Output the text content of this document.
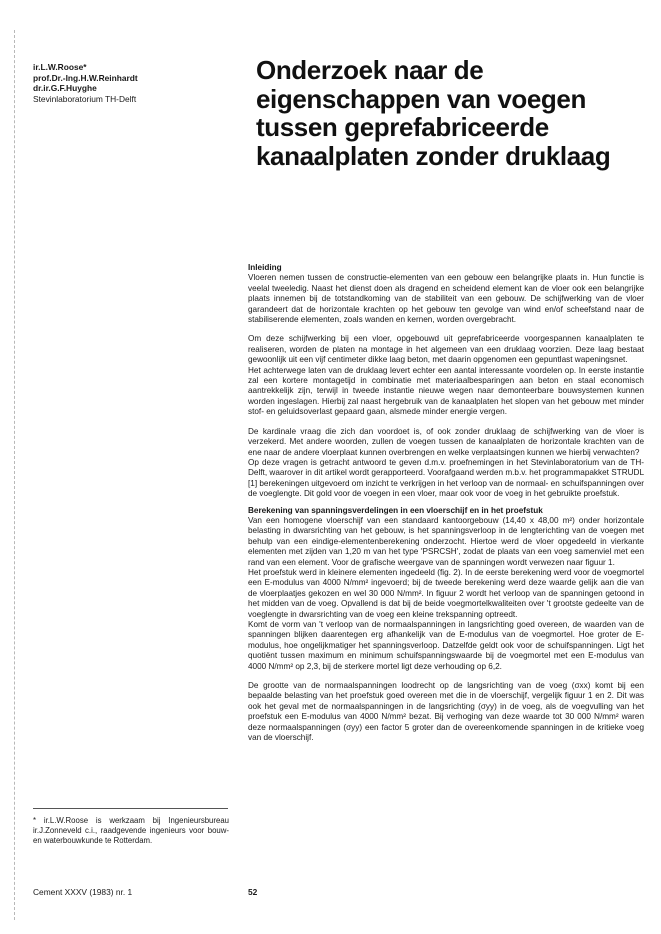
ir.L.W.Roose*
prof.Dr.-Ing.H.W.Reinhardt
dr.ir.G.F.Huyghe
Stevinlaboratorium TH-Delft
Onderzoek naar de
eigenschappen van voegen
tussen geprefabriceerde
kanaalplaten zonder druklaag
Inleiding

Vloeren nemen tussen de constructie-elementen van een gebouw een belangrijke plaats in. Hun functie is veelal tweeledig. Naast het dienst doen als dragend en scheidend element kan de vloer ook een belangrijke plaats innemen bij de totstandkoming van de stabiliteit van een gebouw. De schijfwerking van de vloer garandeert dat de horizontale krachten op het gebouw ten gevolge van wind en/of scheefstand naar de stabiliserende elementen, zoals wanden en kernen, worden overgebracht.

Om deze schijfwerking bij een vloer, opgebouwd uit geprefabriceerde voorgespannen kanaalplaten te realiseren, worden de platen na montage in het algemeen van een druklaag voorzien. Deze laag bestaat gewoonlijk uit een vijf centimeter dikke laag beton, met daarin opgenomen een gepuntlast wapeningsnet.

Het achterwege laten van de druklaag levert echter een aantal interessante voordelen op. In eerste instantie zal een kortere montagetijd in combinatie met materiaalbesparingen aan beton en staal economisch aantrekkelijk zijn, terwijl in tweede instantie nieuwe wegen naar demonteerbare bouwsystemen kunnen worden ingeslagen. Hierbij zal naast hergebruik van de kanaalplaten het slopen van het gebouw met minder stof- en geluidsoverlast gepaard gaan, alsmede minder energie vergen.

De kardinale vraag die zich dan voordoet is, of ook zonder druklaag de schijfwerking van de vloer is verzekerd. Met andere woorden, zullen de voegen tussen de kanaalplaten de horizontale krachten van de ene naar de andere vloerplaat kunnen overbrengen en welke verplaatsingen kunnen we hierbij verwachten?

Op deze vragen is getracht antwoord te geven d.m.v. proefnemingen in het Stevinlaboratorium van de TH-Delft, waarover in dit artikel wordt gerapporteerd. Voorafgaand werden m.b.v. het programmapakket STRUDL [1] berekeningen uitgevoerd om inzicht te verkrijgen in het verloop van de normaal- en schuifspanningen over de voeglengte. Dit gold voor de voegen in een vloer, maar ook voor de voeg in het gebruikte proefstuk.

Berekening van spanningsverdelingen in een vloerschijf en in het proefstuk

Van een homogene vloerschijf van een standaard kantoorgebouw (14,40 x 48,00 m²) onder horizontale belasting in dwarsrichting van het gebouw, is het spanningsverloop in de lengterichting van de voegen met behulp van een eindige-elementenberekening onderzocht. Hiertoe werd de vloer opgedeeld in vierkante elementen met zijden van 1,20 m van het type 'PSRCSH', zodat de plaats van een voeg samenviel met een rand van een element. Voor de grafische weergave van de spanningen wordt verwezen naar figuur 1.

Het proefstuk werd in kleinere elementen ingedeeld (fig. 2). In de eerste berekening werd voor de voegmortel een E-modulus van 4000 N/mm² ingevoerd; bij de tweede berekening werd deze waarde gelijk aan die van de vloerplaatjes gekozen en wel 30 000 N/mm². In figuur 2 wordt het verloop van de spanningen getoond in het midden van de voeg. Opvallend is dat bij de beide voegmortelkwaliteiten over 't grootste gedeelte van de voeglengte in dwarsrichting van de voeg een kleine trekspanning optreedt.

Komt de vorm van 't verloop van de normaalspanningen in langsrichting goed overeen, de waarden van de spanningen blijken daarentegen erg afhankelijk van de E-modulus van de voegmortel. Hoe groter de E-modulus, hoe ongelijkmatiger het spanningsverloop. Datzelfde geldt ook voor de schuifspanningen. Ligt het quotiënt tussen maximum en minimum schuifspanningswaarde bij de voegmortel met een E-modulus van 4000 N/mm² op 2,3, bij de sterkere mortel ligt deze verhouding op 6,2.

De grootte van de normaalspanningen loodrecht op de langsrichting van de voeg (σxx) komt bij een bepaalde belasting van het proefstuk goed overeen met die in de vloerschijf, vergelijk figuur 1 en 2. Dit was ook het geval met de normaalspanningen in de langsrichting (σyy) in de voeg, als de voegvulling van het proefstuk een E-modulus van 4000 N/mm² bezat. Bij verhoging van deze waarde tot 30 000 N/mm² waren deze normaalspanningen (σyy) een factor 5 groter dan de overeenkomende spanningen in de kritieke voeg van de vloerschijf.

* ir.L.W.Roose is werkzaam bij Ingenieursbureau ir.J.Zonneveld c.i., raadgevende ingenieurs voor bouw- en waterbouwkunde te Rotterdam.
Cement XXXV (1983) nr. 1	52
